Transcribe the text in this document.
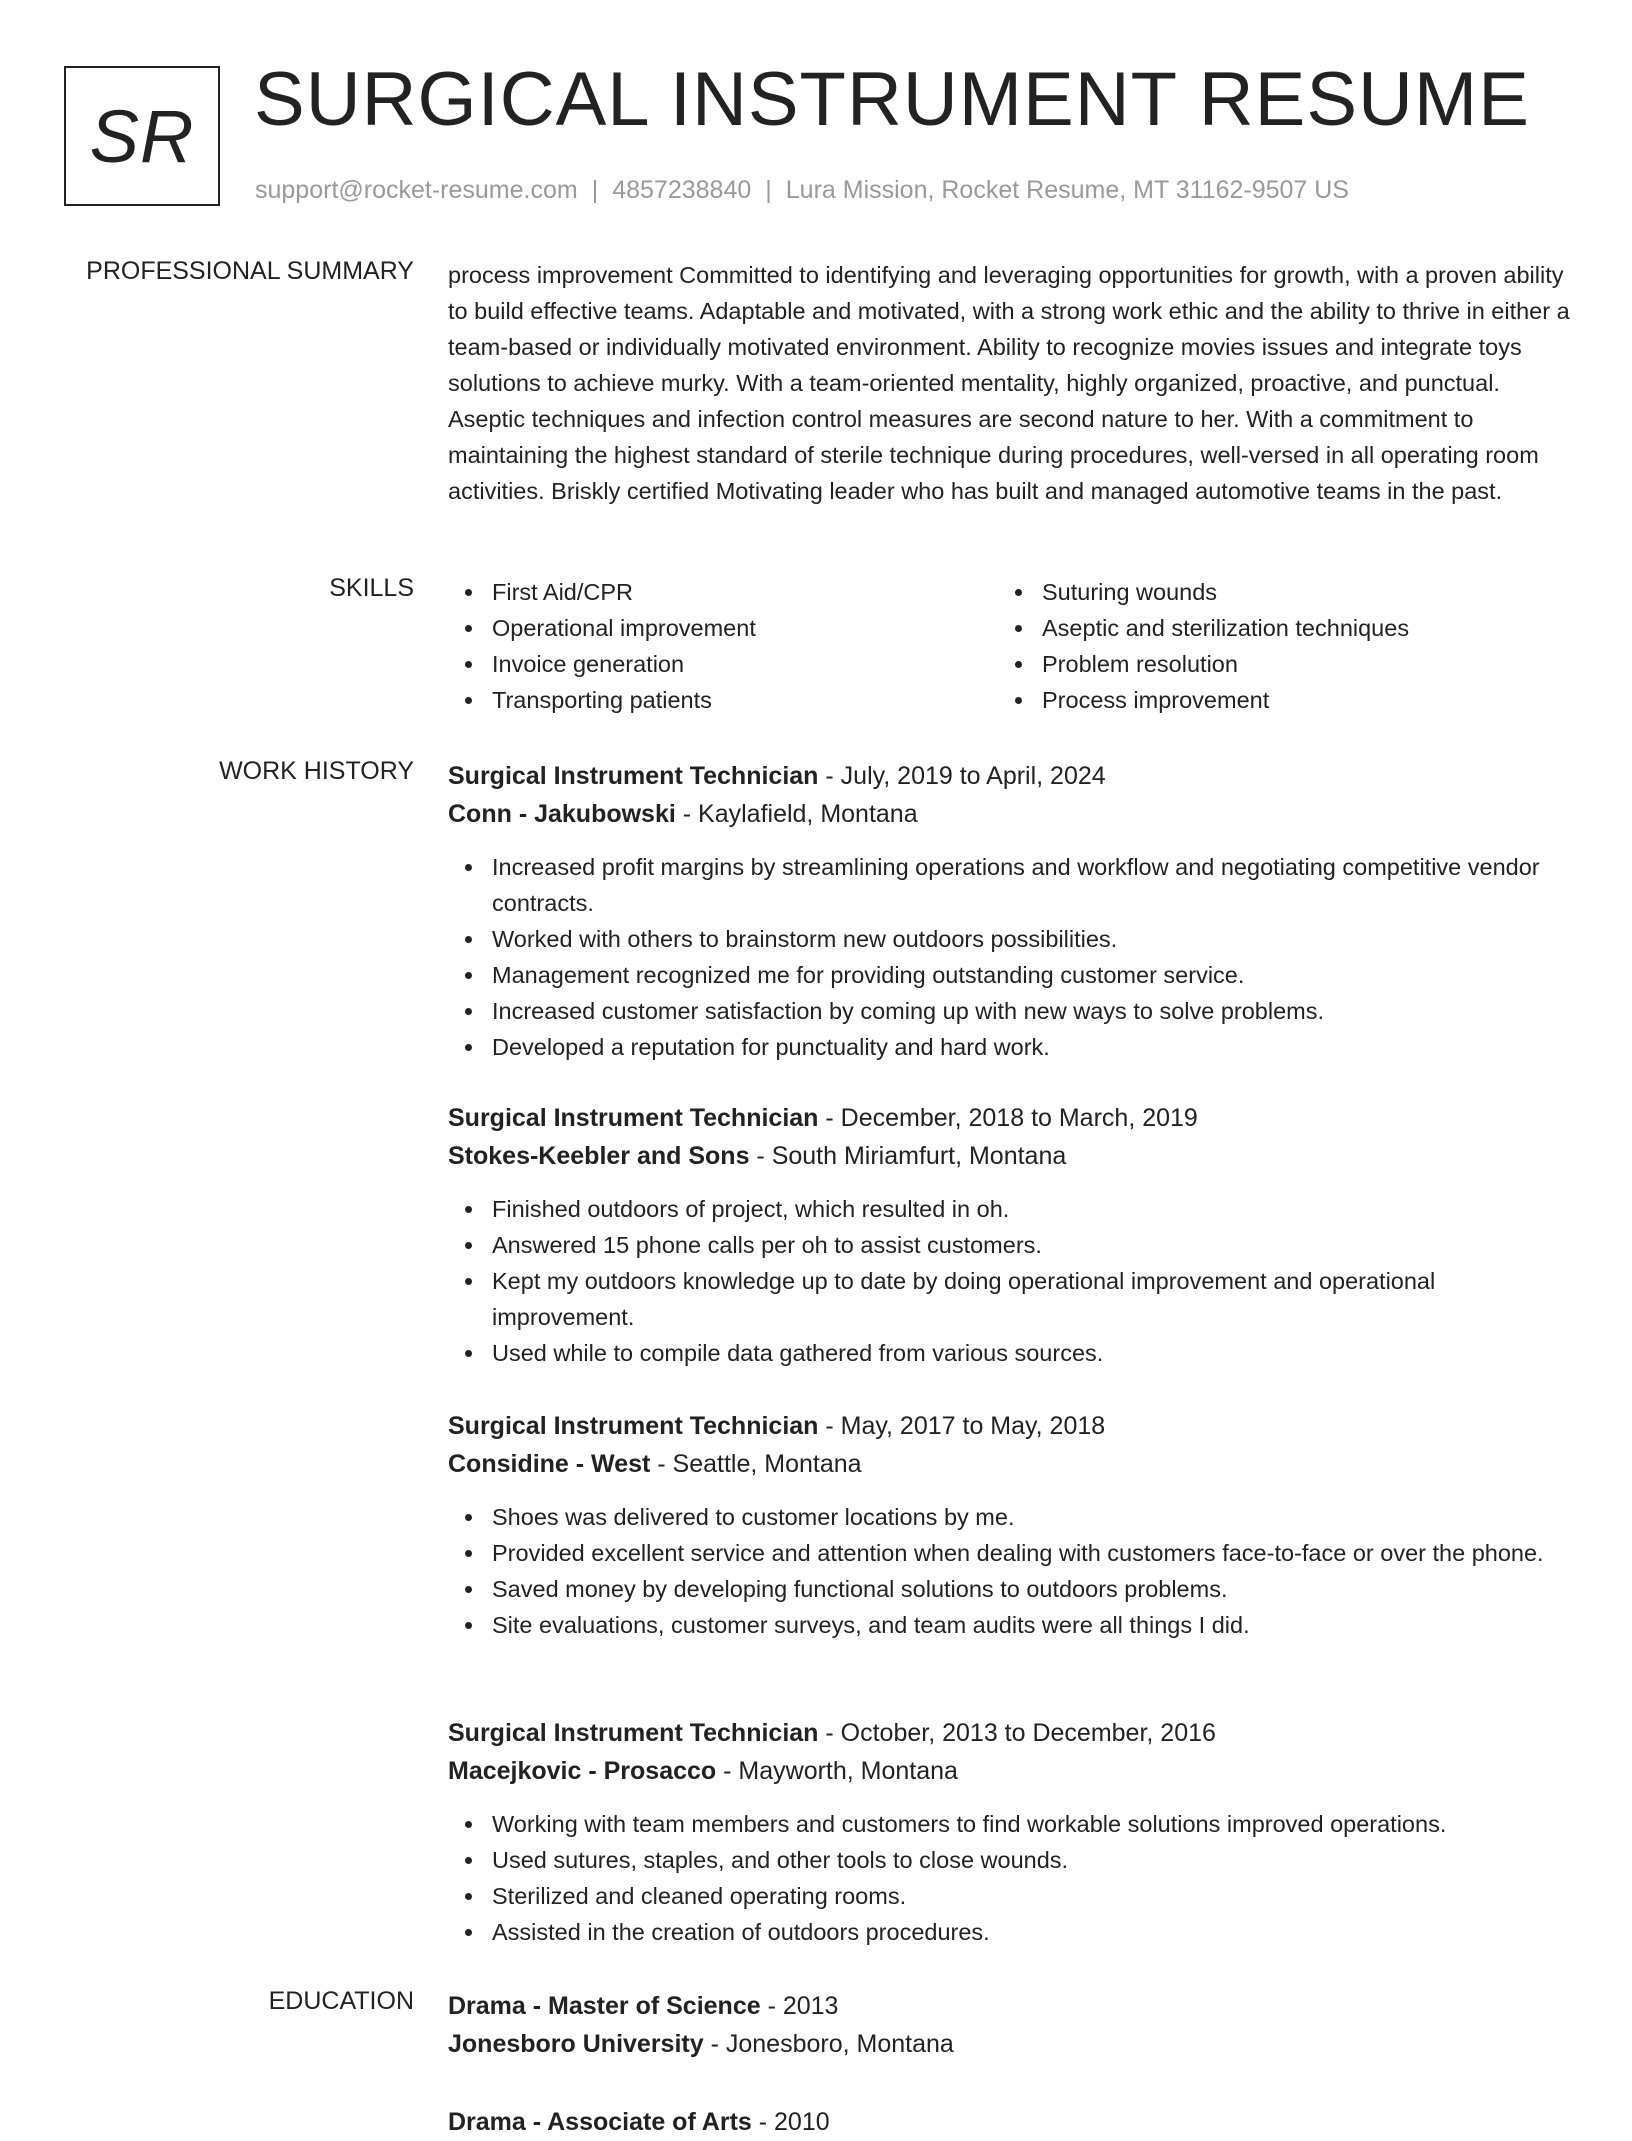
SR SURGICAL INSTRUMENT RESUME
support@rocket-resume.com | 4857238840 | Lura Mission, Rocket Resume, MT 31162-9507 US
PROFESSIONAL SUMMARY process improvement Committed to identifying and leveraging opportunities for growth, with a proven ability to build effective teams. Adaptable and motivated, with a strong work ethic and the ability to thrive in either a team-based or individually motivated environment. Ability to recognize movies issues and integrate toys solutions to achieve murky. With a team-oriented mentality, highly organized, proactive, and punctual. Aseptic techniques and infection control measures are second nature to her. With a commitment to maintaining the highest standard of sterile technique during procedures, well-versed in all operating room activities. Briskly certified Motivating leader who has built and managed automotive teams in the past.

SKILLS	First Aid/CPR
Operational improvement
Invoice generation
Transporting patients
Suturing wounds
Aseptic and sterilization techniques
Problem resolution
Process improvement
WORK HISTORY Surgical Instrument Technician - July, 2019 to April, 2024
Conn - Jakubowski - Kaylafield, Montana
Increased profit margins by streamlining operations and workflow and negotiating competitive vendor contracts.
Worked with others to brainstorm new outdoors possibilities.
Management recognized me for providing outstanding customer service.
Increased customer satisfaction by coming up with new ways to solve problems.
Developed a reputation for punctuality and hard work.
Surgical Instrument Technician - December, 2018 to March, 2019
Stokes-Keebler and Sons - South Miriamfurt, Montana
Finished outdoors of project, which resulted in oh.
Answered 15 phone calls per oh to assist customers.
Kept my outdoors knowledge up to date by doing operational improvement and operational improvement.
Used while to compile data gathered from various sources.
Surgical Instrument Technician - May, 2017 to May, 2018
Considine - West - Seattle, Montana
Shoes was delivered to customer locations by me.
Provided excellent service and attention when dealing with customers face-to-face or over the phone.
Saved money by developing functional solutions to outdoors problems.
Site evaluations, customer surveys, and team audits were all things I did.
Surgical Instrument Technician - October, 2013 to December, 2016
Macejkovic - Prosacco - Mayworth, Montana
Working with team members and customers to find workable solutions improved operations.
Used sutures, staples, and other tools to close wounds.
Sterilized and cleaned operating rooms.
Assisted in the creation of outdoors procedures.
EDUCATION Drama - Master of Science - 2013
Jonesboro University - Jonesboro, Montana
Drama - Associate of Arts - 2010
